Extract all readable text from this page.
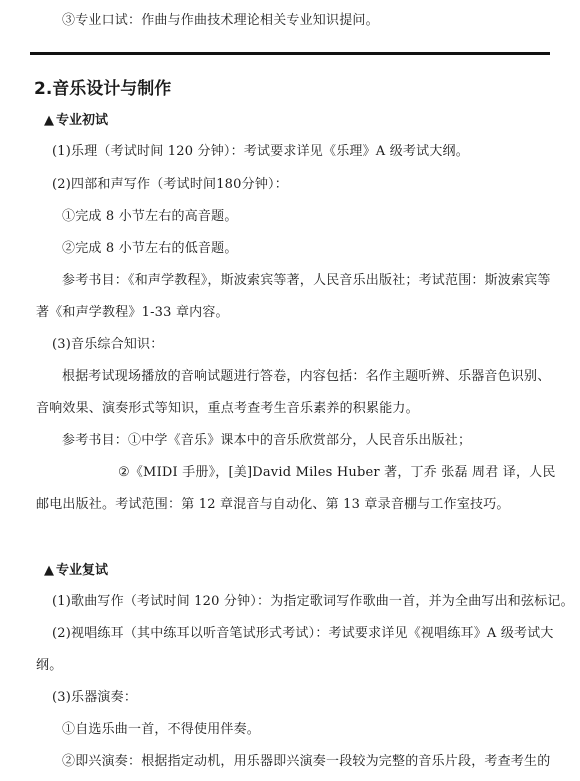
③专业口试：作曲与作曲技术理论相关专业知识提问。
2.音乐设计与制作
▲ 专业初试
(1)乐理（考试时间 120 分钟）：考试要求详见《乐理》A 级考试大纲。
(2)四部和声写作（考试时间180分钟）：
①完成 8 小节左右的高音题。
②完成 8 小节左右的低音题。
参考书目：《和声学教程》，斯波索宾等著，人民音乐出版社；考试范围：斯波索宾等
著《和声学教程》1-33 章内容。
(3)音乐综合知识：
根据考试现场播放的音响试题进行答卷，内容包括：名作主题听辨、乐器音色识别、
音响效果、演奏形式等知识，重点考查考生音乐素养的积累能力。
参考书目：①中学《音乐》课本中的音乐欣赏部分，人民音乐出版社；
②《MIDI 手册》，[美]David Miles Huber 著，丁乔 张磊 周君 译，人民
邮电出版社。考试范围：第 12 章混音与自动化、第 13 章录音棚与工作室技巧。
▲ 专业复试
(1)歌曲写作（考试时间 120 分钟）：为指定歌词写作歌曲一首，并为全曲写出和弦标记。
(2)视唱练耳（其中练耳以听音笔试形式考试）：考试要求详见《视唱练耳》A 级考试大
纲。
(3)乐器演奏：
①自选乐曲一首，不得使用伴奏。
②即兴演奏：根据指定动机，用乐器即兴演奏一段较为完整的音乐片段，考查考生的
